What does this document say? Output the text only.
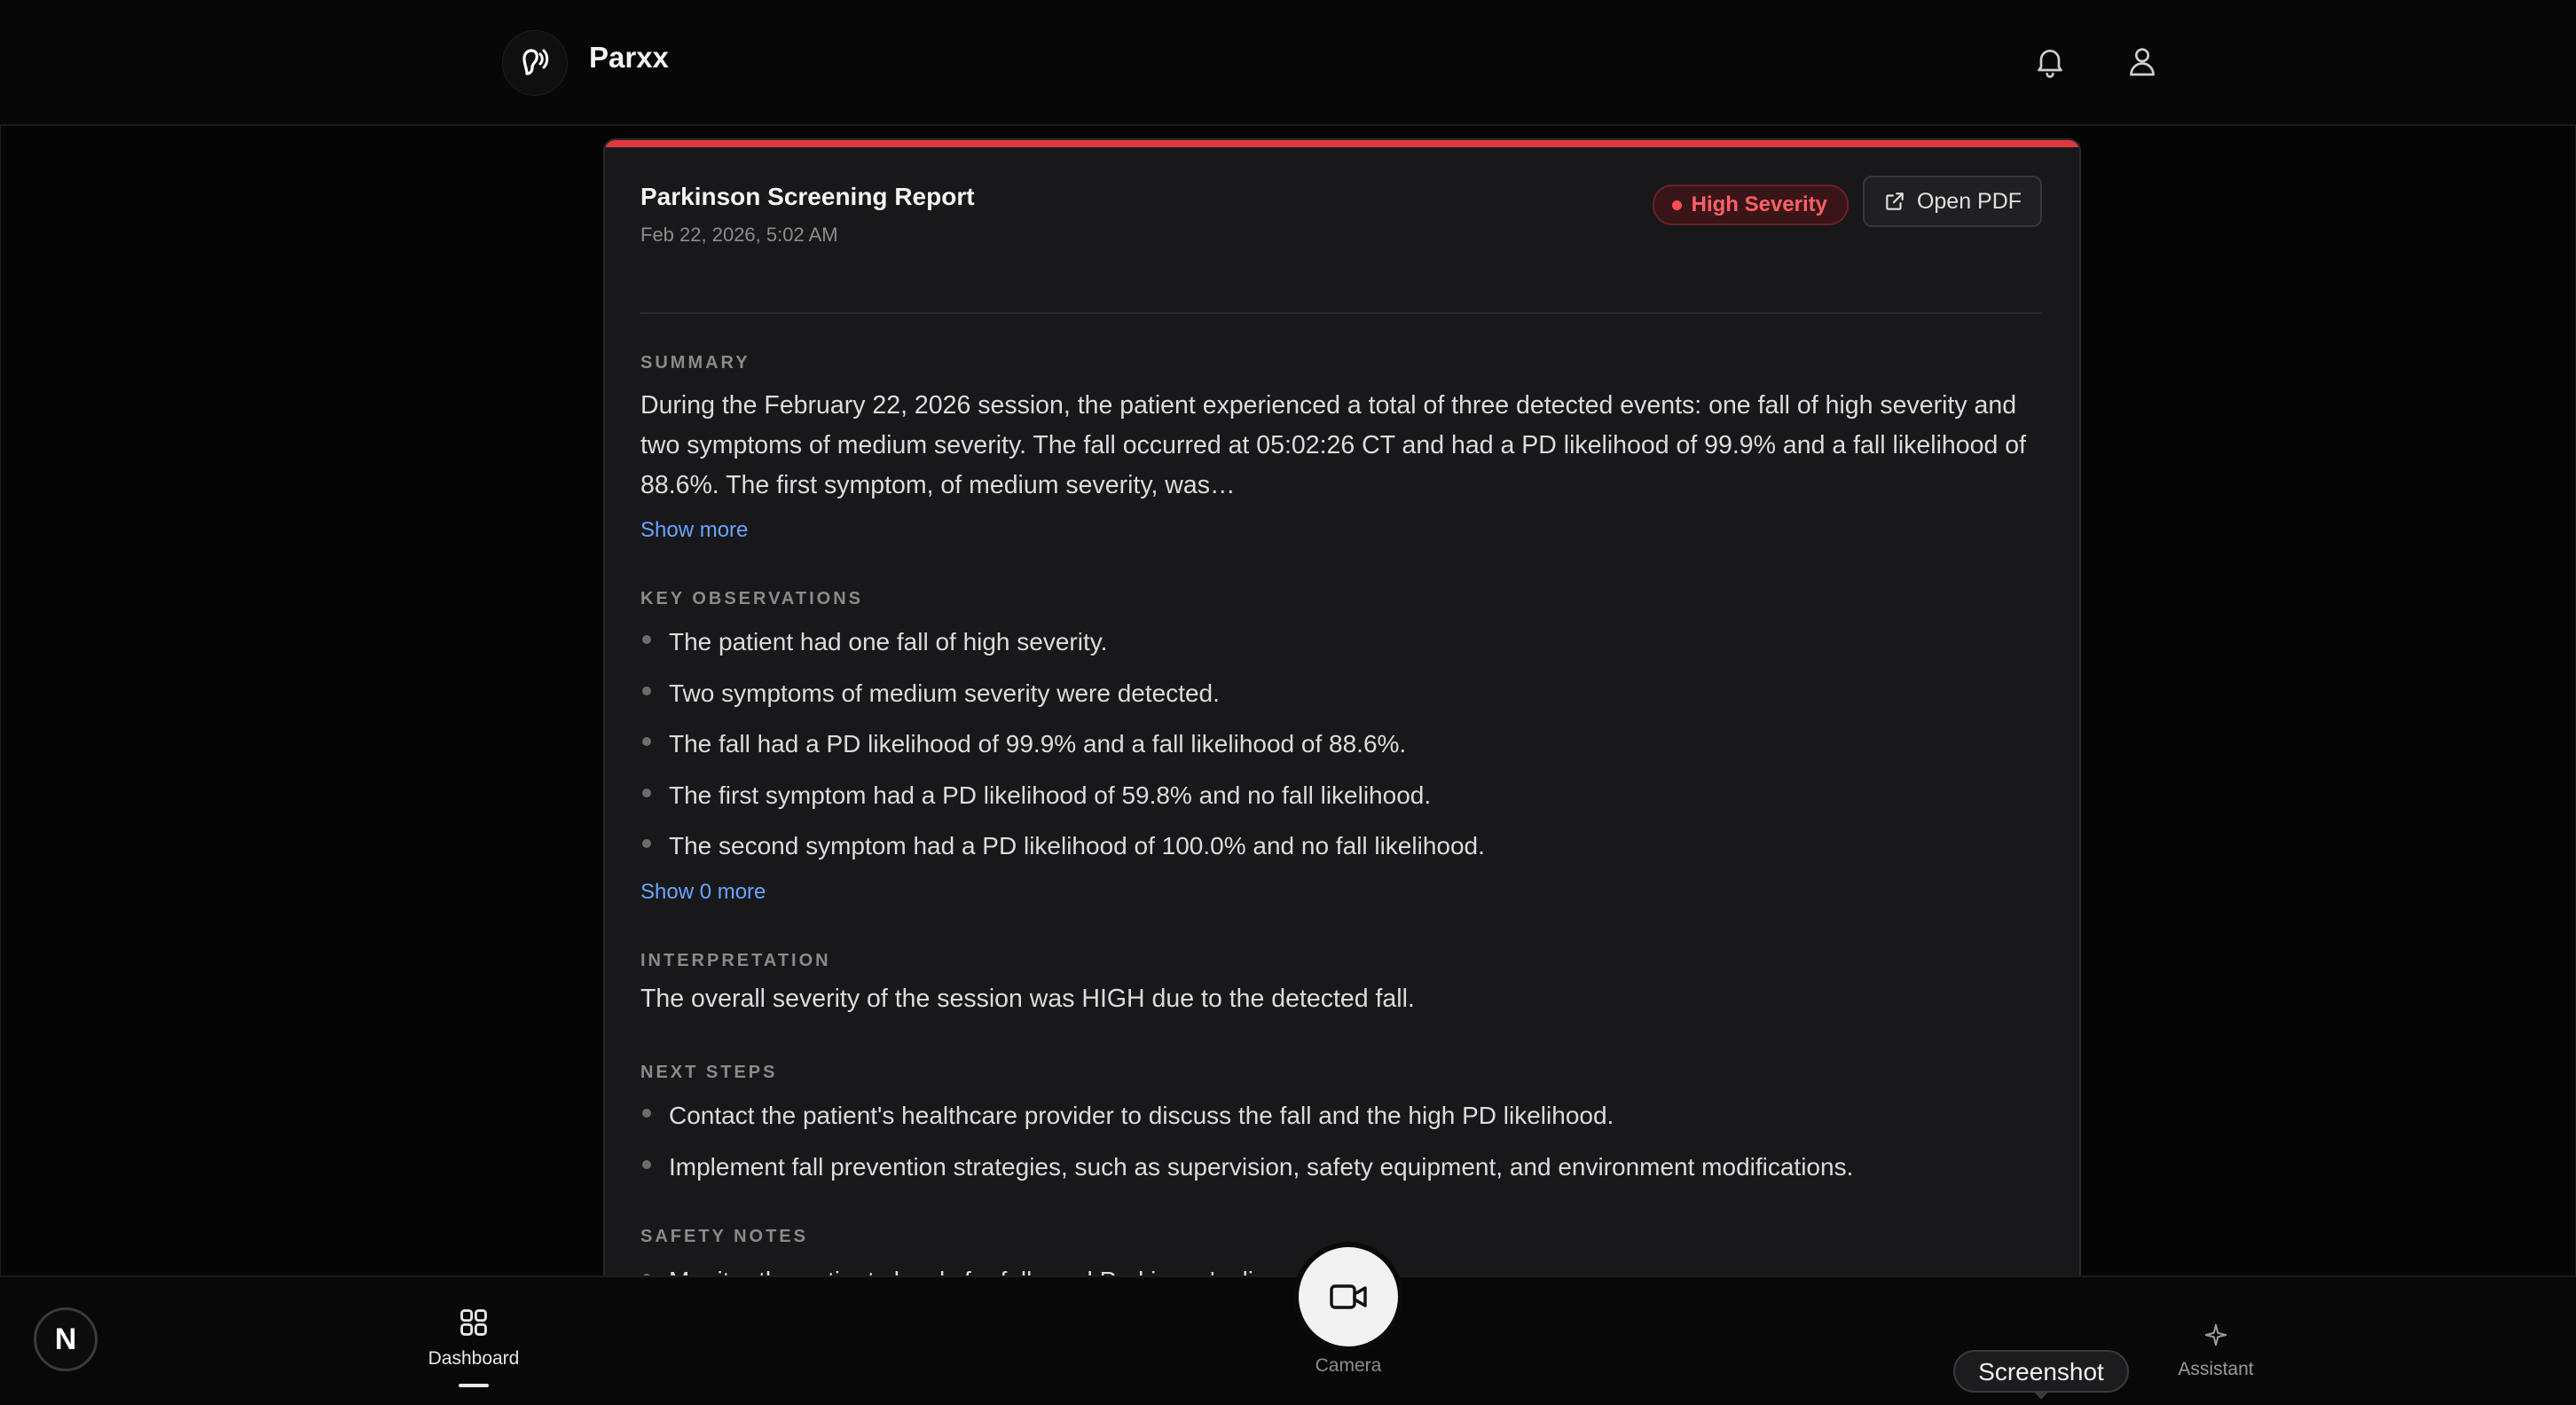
Parxx
Parkinson Screening Report
Feb 22, 2026, 5:02 AM
High Severity	Open PDF
SUMMARY
During the February 22, 2026 session, the patient experienced a total of three detected events: one fall of high severity and two symptoms of medium severity. The fall occurred at 05:02:26 CT and had a PD likelihood of 99.9% and a fall likelihood of 88.6%. The first symptom, of medium severity, was…
Show more
KEY OBSERVATIONS
The patient had one fall of high severity.
Two symptoms of medium severity were detected.
The fall had a PD likelihood of 99.9% and a fall likelihood of 88.6%.
The first symptom had a PD likelihood of 59.8% and no fall likelihood.
The second symptom had a PD likelihood of 100.0% and no fall likelihood.
Show 0 more
INTERPRETATION
The overall severity of the session was HIGH due to the detected fall.
NEXT STEPS
Contact the patient's healthcare provider to discuss the fall and the high PD likelihood.
Implement fall prevention strategies, such as supervision, safety equipment, and environment modifications.
SAFETY NOTES
N
Dashboard
Assistant
Camera	Screenshot
